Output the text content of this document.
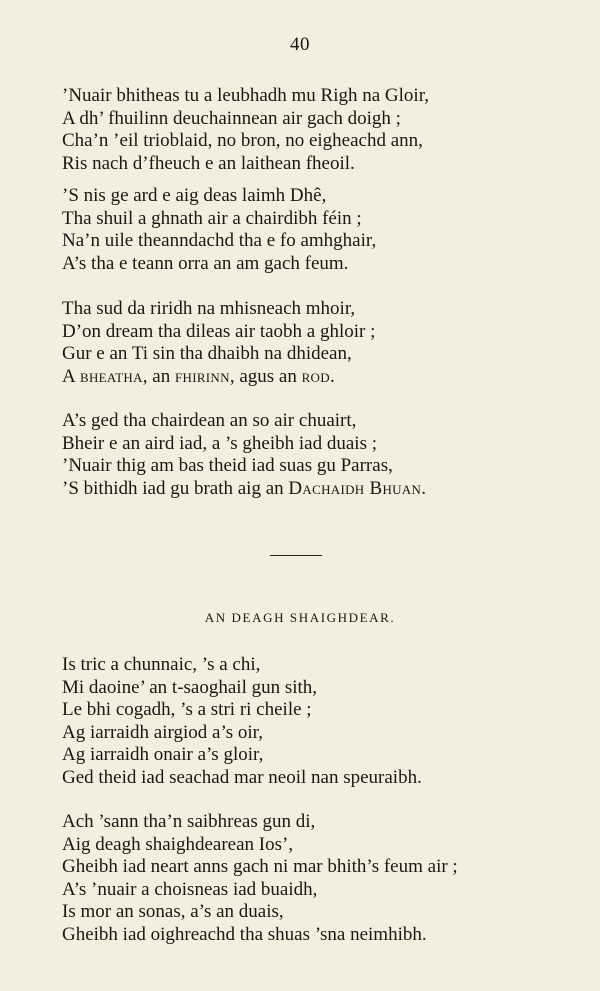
40
’Nuair bhitheas tu a leubhadh mu Righ na Gloir,
A dh’ fhuilinn deuchainnean air gach doigh ;
Cha’n ’eil trioblaid, no bron, no eigheachd ann,
Ris nach d’fheuch e an laithean fheoil.
’S nis ge ard e aig deas laimh Dhê,
Tha shuil a ghnath air a chairdibh féin ;
Na’n uile theanndachd tha e fo amhghair,
A’s tha e teann orra an am gach feum.
Tha sud da riridh na mhisneach mhoir,
D’on dream tha dileas air taobh a ghloir ;
Gur e an Ti sin tha dhaibh na dhidean,
A bheatha, an fhirinn, agus an rod.
A’s ged tha chairdean an so air chuairt,
Bheir e an aird iad, a ’s gheibh iad duais ;
’Nuair thig am bas theid iad suas gu Parras,
’S bithidh iad gu brath aig an Dachaidh Bhuan.
AN DEAGH SHAIGHDEAR.
Is tric a chunnaic, ’s a chi,
Mi daoine’ an t-saoghail gun sith,
Le bhi cogadh, ’s a stri ri cheile ;
Ag iarraidh airgiod a’s oir,
Ag iarraidh onair a’s gloir,
Ged theid iad seachad mar neoil nan speuraibh.
Ach ’sann tha’n saibhreas gun di,
Aig deagh shaighdearean Ios’,
Gheibh iad neart anns gach ni mar bhith’s feum air ;
A’s ’nuair a choisneas iad buaidh,
Is mor an sonas, a’s an duais,
Gheibh iad oighreachd tha shuas ’sna neimhibh.
